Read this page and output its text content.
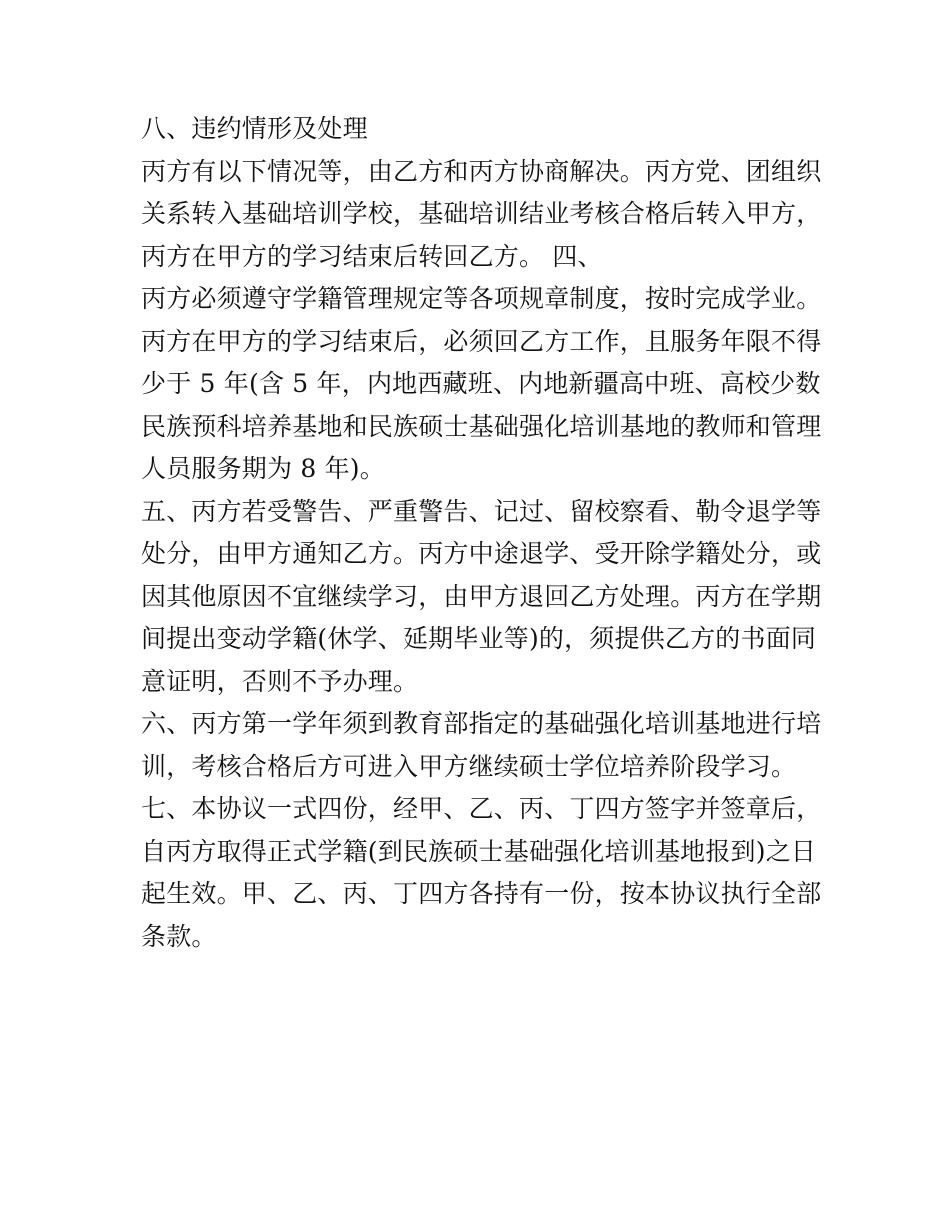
八、违约情形及处理
丙方有以下情况等，由乙方和丙方协商解决。丙方党、团组织
关系转入基础培训学校，基础培训结业考核合格后转入甲方，
丙方在甲方的学习结束后转回乙方。 四、
丙方必须遵守学籍管理规定等各项规章制度，按时完成学业。
丙方在甲方的学习结束后，必须回乙方工作，且服务年限不得
少于 5 年(含 5 年，内地西藏班、内地新疆高中班、高校少数
民族预科培养基地和民族硕士基础强化培训基地的教师和管理
人员服务期为 8 年)。
五、丙方若受警告、严重警告、记过、留校察看、勒令退学等
处分，由甲方通知乙方。丙方中途退学、受开除学籍处分，或
因其他原因不宜继续学习，由甲方退回乙方处理。丙方在学期
间提出变动学籍(休学、延期毕业等)的，须提供乙方的书面同
意证明，否则不予办理。
六、丙方第一学年须到教育部指定的基础强化培训基地进行培
训，考核合格后方可进入甲方继续硕士学位培养阶段学习。
七、本协议一式四份，经甲、乙、丙、丁四方签字并签章后，
自丙方取得正式学籍(到民族硕士基础强化培训基地报到)之日
起生效。甲、乙、丙、丁四方各持有一份，按本协议执行全部
条款。
